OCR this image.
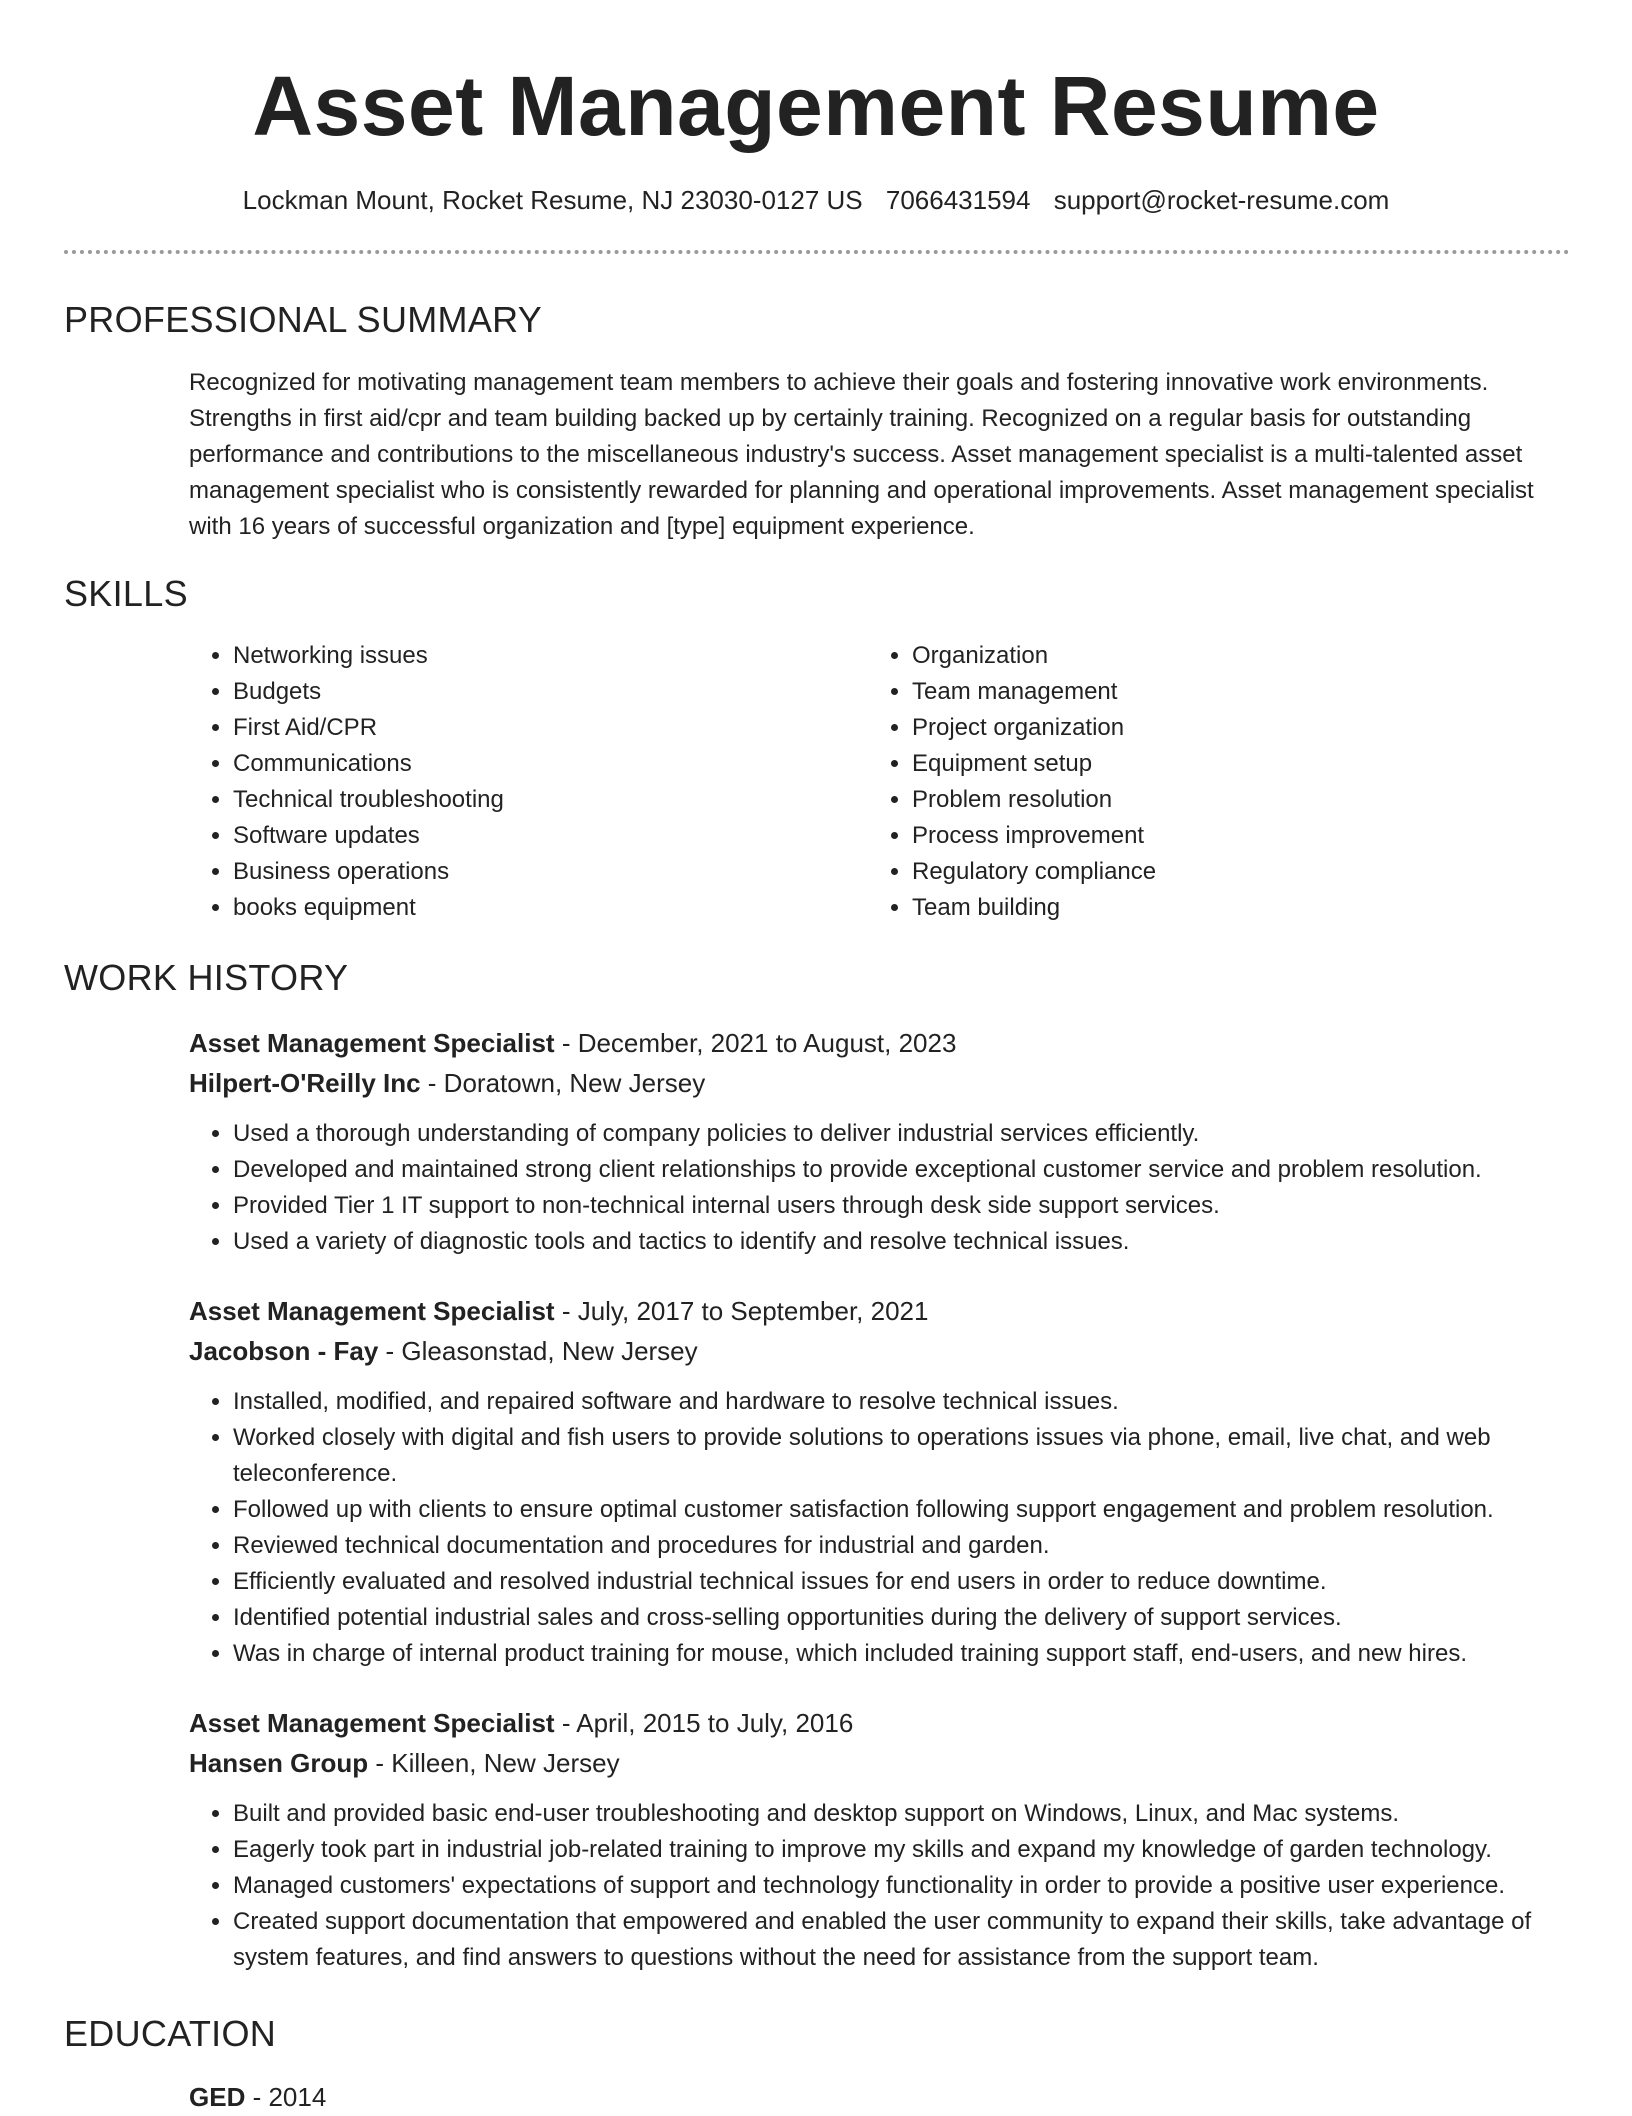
Asset Management Resume
Lockman Mount, Rocket Resume, NJ 23030-0127 US 7066431594 support@rocket-resume.com
PROFESSIONAL SUMMARY

Recognized for motivating management team members to achieve their goals and fostering innovative work environments. Strengths in first aid/cpr and team building backed up by certainly training. Recognized on a regular basis for outstanding performance and contributions to the miscellaneous industry's success. Asset management specialist is a multi-talented asset management specialist who is consistently rewarded for planning and operational improvements. Asset management specialist with 16 years of successful organization and [type] equipment experience.

SKILLS
• Networking issues
• Budgets
• First Aid/CPR
• Communications
• Technical troubleshooting
• Software updates
• Business operations
• books equipment
• Organization
• Team management
• Project organization
• Equipment setup
• Problem resolution
• Process improvement
• Regulatory compliance
• Team building
WORK HISTORY
Asset Management Specialist - December, 2021 to August, 2023
Hilpert-O'Reilly Inc - Doratown, New Jersey
• Used a thorough understanding of company policies to deliver industrial services efficiently.
• Developed and maintained strong client relationships to provide exceptional customer service and problem resolution.
• Provided Tier 1 IT support to non-technical internal users through desk side support services.
• Used a variety of diagnostic tools and tactics to identify and resolve technical issues.
Asset Management Specialist - July, 2017 to September, 2021
Jacobson - Fay - Gleasonstad, New Jersey
• Installed, modified, and repaired software and hardware to resolve technical issues.
• Worked closely with digital and fish users to provide solutions to operations issues via phone, email, live chat, and web teleconference.
• Followed up with clients to ensure optimal customer satisfaction following support engagement and problem resolution.
• Reviewed technical documentation and procedures for industrial and garden.
• Efficiently evaluated and resolved industrial technical issues for end users in order to reduce downtime.
• Identified potential industrial sales and cross-selling opportunities during the delivery of support services.
• Was in charge of internal product training for mouse, which included training support staff, end-users, and new hires.
Asset Management Specialist - April, 2015 to July, 2016
Hansen Group - Killeen, New Jersey
• Built and provided basic end-user troubleshooting and desktop support on Windows, Linux, and Mac systems.
• Eagerly took part in industrial job-related training to improve my skills and expand my knowledge of garden technology.
• Managed customers' expectations of support and technology functionality in order to provide a positive user experience.
• Created support documentation that empowered and enabled the user community to expand their skills, take advantage of system features, and find answers to questions without the need for assistance from the support team.
EDUCATION
GED - 2014
